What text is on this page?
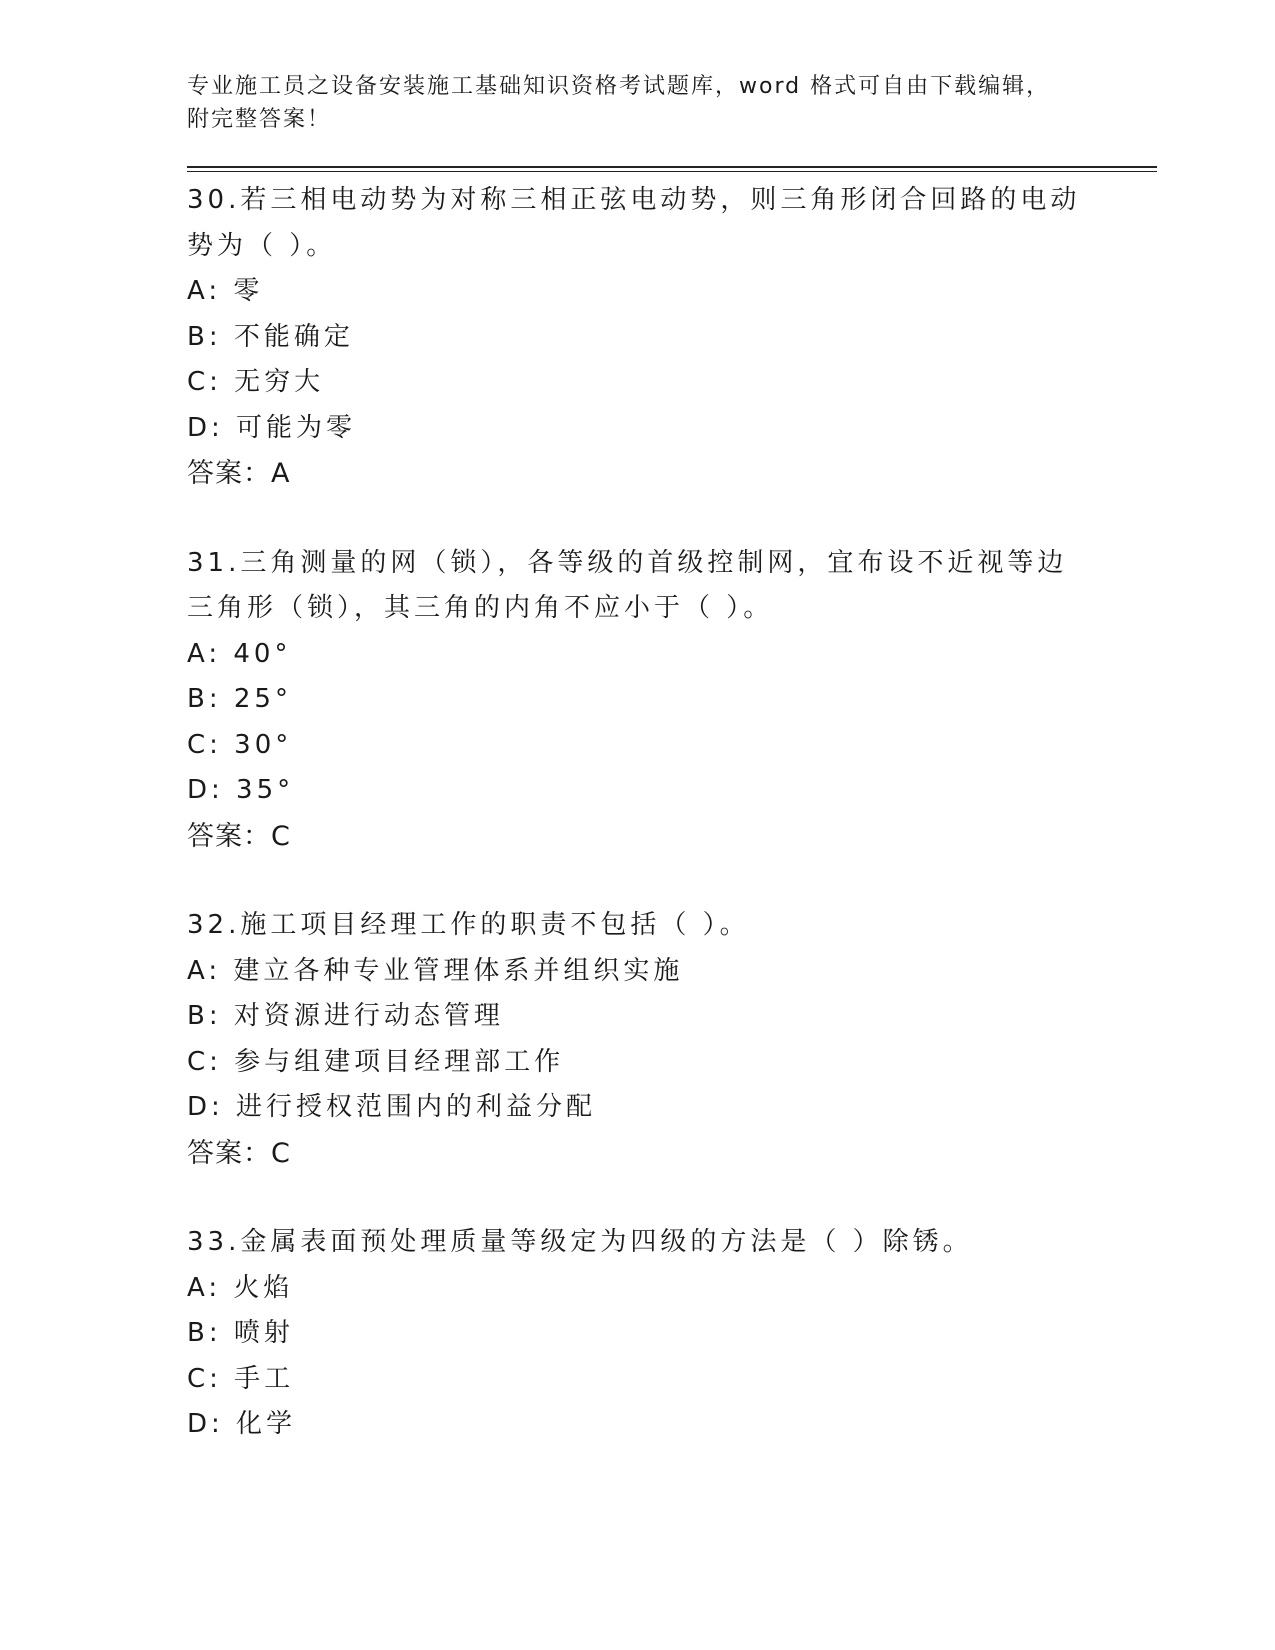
专业施工员之设备安装施工基础知识资格考试题库，word 格式可自由下载编辑，
附完整答案！
30.若三相电动势为对称三相正弦电动势，则三角形闭合回路的电动势为（ ）。
A: 零
B: 不能确定
C: 无穷大
D: 可能为零
答案：A
31.三角测量的网（锁），各等级的首级控制网，宜布设不近视等边三角形（锁），其三角的内角不应小于（ ）。
A: 40°
B: 25°
C: 30°
D: 35°
答案：C
32.施工项目经理工作的职责不包括（ ）。
A: 建立各种专业管理体系并组织实施
B: 对资源进行动态管理
C: 参与组建项目经理部工作
D: 进行授权范围内的利益分配
答案：C
33.金属表面预处理质量等级定为四级的方法是（ ）除锈。
A: 火焰
B: 喷射
C: 手工
D: 化学
